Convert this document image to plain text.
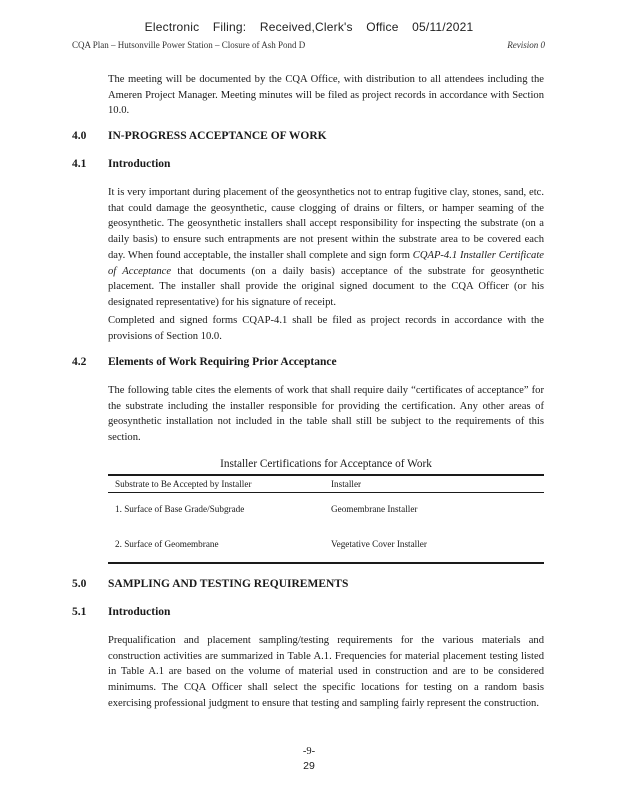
Electronic Filing: Received,Clerk's Office 05/11/2021
CQA Plan – Hutsonville Power Station – Closure of Ash Pond D	Revision 0
The meeting will be documented by the CQA Office, with distribution to all attendees including the Ameren Project Manager. Meeting minutes will be filed as project records in accordance with Section 10.0.
4.0 IN-PROGRESS ACCEPTANCE OF WORK
4.1 Introduction
It is very important during placement of the geosynthetics not to entrap fugitive clay, stones, sand, etc. that could damage the geosynthetic, cause clogging of drains or filters, or hamper seaming of the geosynthetic. The geosynthetic installers shall accept responsibility for inspecting the substrate (on a daily basis) to ensure such entrapments are not present within the substrate area to be covered each day. When found acceptable, the installer shall complete and sign form CQAP-4.1 Installer Certificate of Acceptance that documents (on a daily basis) acceptance of the substrate for geosynthetic placement. The installer shall provide the original signed document to the CQA Officer (or his designated representative) for his signature of receipt.
Completed and signed forms CQAP-4.1 shall be filed as project records in accordance with the provisions of Section 10.0.
4.2 Elements of Work Requiring Prior Acceptance
The following table cites the elements of work that shall require daily “certificates of acceptance” for the substrate including the installer responsible for providing the certification. Any other areas of geosynthetic installation not included in the table shall still be subject to the requirements of this section.
Installer Certifications for Acceptance of Work
Substrate to Be Accepted by Installer	Installer
1. Surface of Base Grade/Subgrade	Geomembrane Installer
2. Surface of Geomembrane	Vegetative Cover Installer
5.0 SAMPLING AND TESTING REQUIREMENTS
5.1 Introduction
Prequalification and placement sampling/testing requirements for the various materials and construction activities are summarized in Table A.1. Frequencies for material placement testing listed in Table A.1 are based on the volume of material used in construction and are to be considered minimums. The CQA Officer shall select the specific locations for testing on a random basis exercising professional judgment to ensure that testing and sampling fairly represent the construction.
-9-
29
